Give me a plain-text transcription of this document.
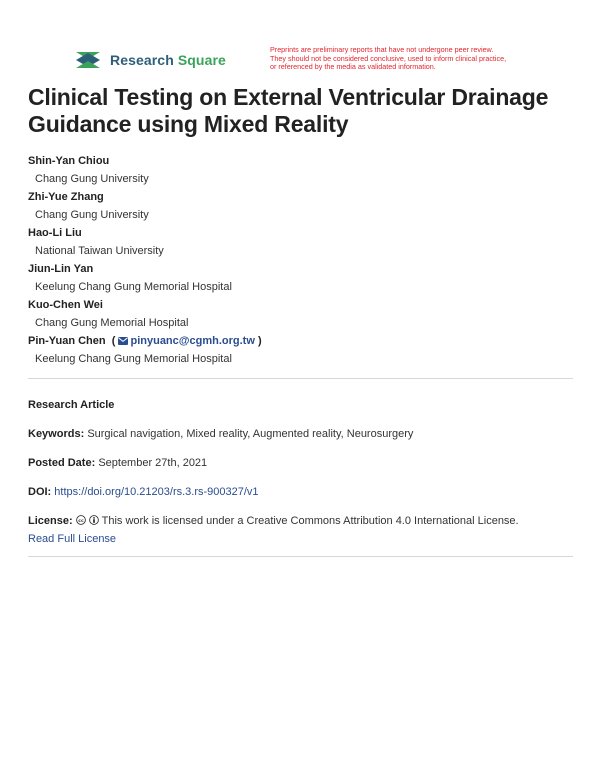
Research Square
Preprints are preliminary reports that have not undergone peer review.
They should not be considered conclusive, used to inform clinical practice,
or referenced by the media as validated information.
Clinical Testing on External Ventricular Drainage
Guidance using Mixed Reality
Shin-Yan Chiou
Chang Gung University
Zhi-Yue Zhang
Chang Gung University
Hao-Li Liu
National Taiwan University
Jiun-Lin Yan
Keelung Chang Gung Memorial Hospital
Kuo-Chen Wei
Chang Gung Memorial Hospital
Pin-Yuan Chen ( pinyuanc@cgmh.org.tw )
Keelung Chang Gung Memorial Hospital
Research Article
Keywords: Surgical navigation, Mixed reality, Augmented reality, Neurosurgery
Posted Date: September 27th, 2021
DOI: https://doi.org/10.21203/rs.3.rs-900327/v1
License: cc This work is licensed under a Creative Commons Attribution 4.0 International License.
Read Full License
